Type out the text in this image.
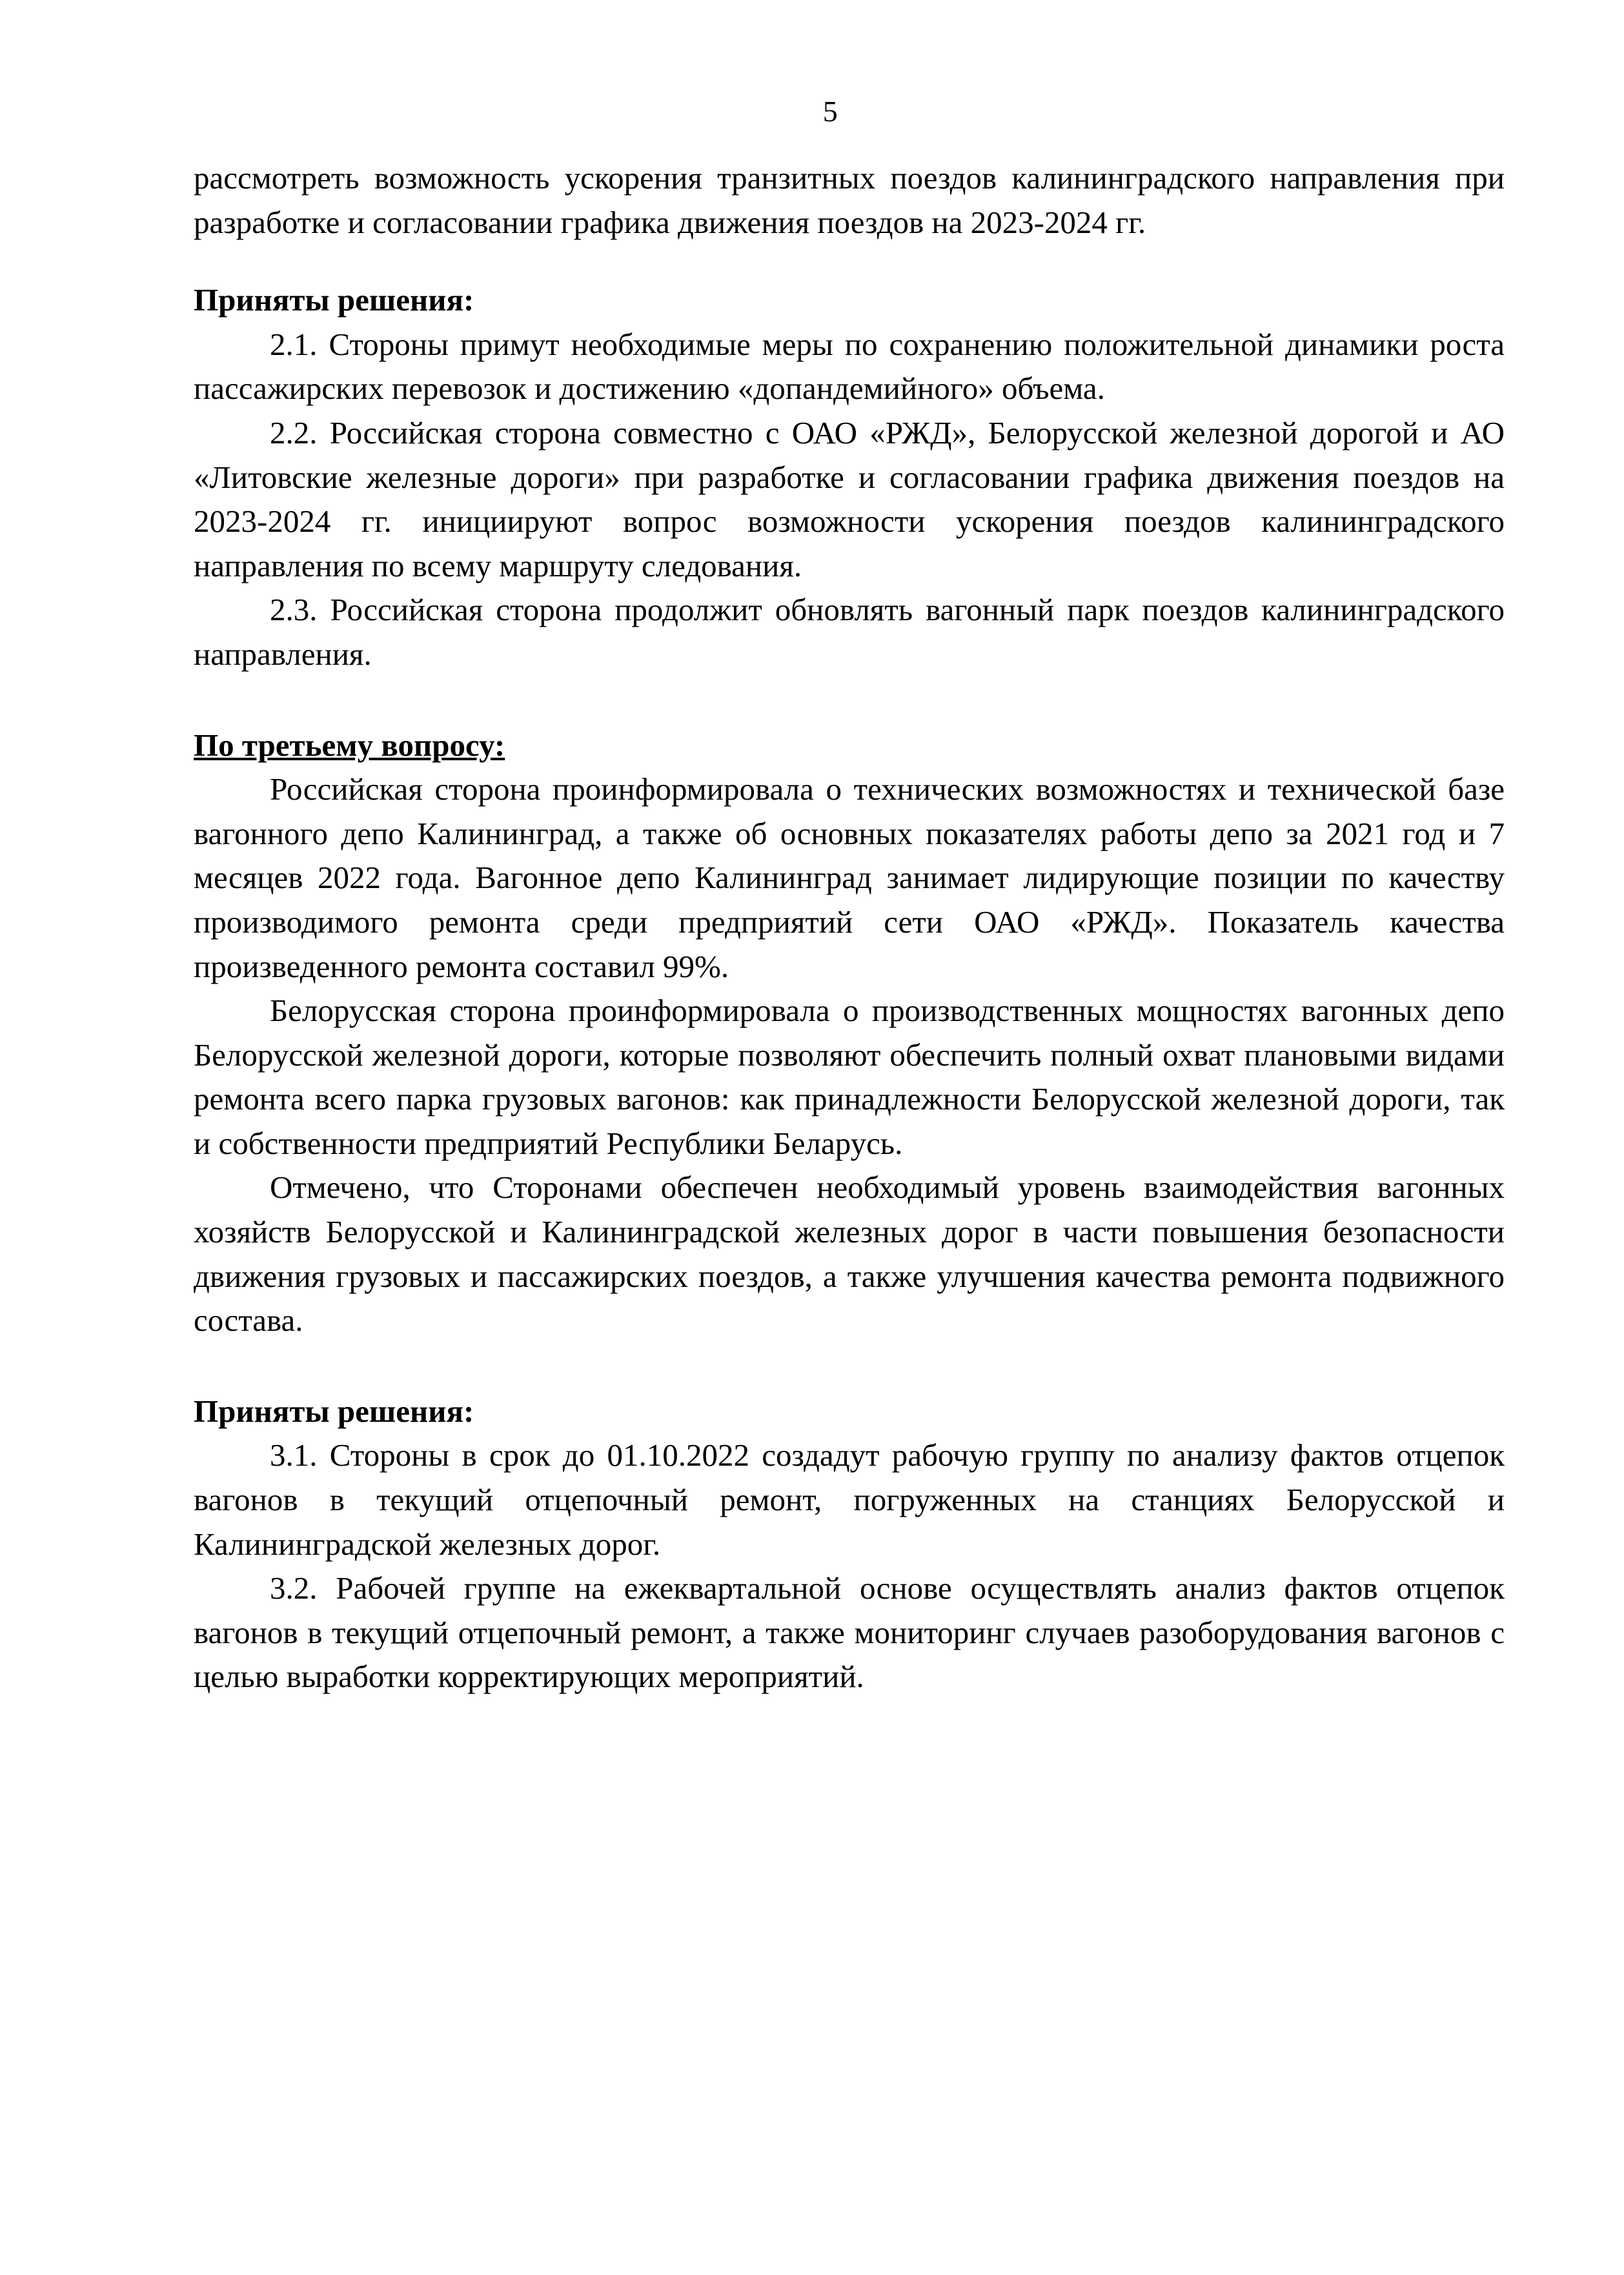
5

рассмотреть возможность ускорения транзитных поездов калининградского направления при разработке и согласовании графика движения поездов на 2023-2024 гг.

Приняты решения:

2.1. Стороны примут необходимые меры по сохранению положительной динамики роста пассажирских перевозок и достижению «допандемийного» объема.

2.2. Российская сторона совместно с ОАО «РЖД», Белорусской железной дорогой и АО «Литовские железные дороги» при разработке и согласовании графика движения поездов на 2023-2024 гг. инициируют вопрос возможности ускорения поездов калининградского направления по всему маршруту следования.

2.3. Российская сторона продолжит обновлять вагонный парк поездов калининградского направления.

По третьему вопросу:

Российская сторона проинформировала о технических возможностях и технической базе вагонного депо Калининград, а также об основных показателях работы депо за 2021 год и 7 месяцев 2022 года. Вагонное депо Калининград занимает лидирующие позиции по качеству производимого ремонта среди предприятий сети ОАО «РЖД». Показатель качества произведенного ремонта составил 99%.

Белорусская сторона проинформировала о производственных мощностях вагонных депо Белорусской железной дороги, которые позволяют обеспечить полный охват плановыми видами ремонта всего парка грузовых вагонов: как принадлежности Белорусской железной дороги, так и собственности предприятий Республики Беларусь.

Отмечено, что Сторонами обеспечен необходимый уровень взаимодействия вагонных хозяйств Белорусской и Калининградской железных дорог в части повышения безопасности движения грузовых и пассажирских поездов, а также улучшения качества ремонта подвижного состава.

Приняты решения:

3.1. Стороны в срок до 01.10.2022 создадут рабочую группу по анализу фактов отцепок вагонов в текущий отцепочный ремонт, погруженных на станциях Белорусской и Калининградской железных дорог.

3.2. Рабочей группе на ежеквартальной основе осуществлять анализ фактов отцепок вагонов в текущий отцепочный ремонт, а также мониторинг случаев разоборудования вагонов с целью выработки корректирующих мероприятий.
